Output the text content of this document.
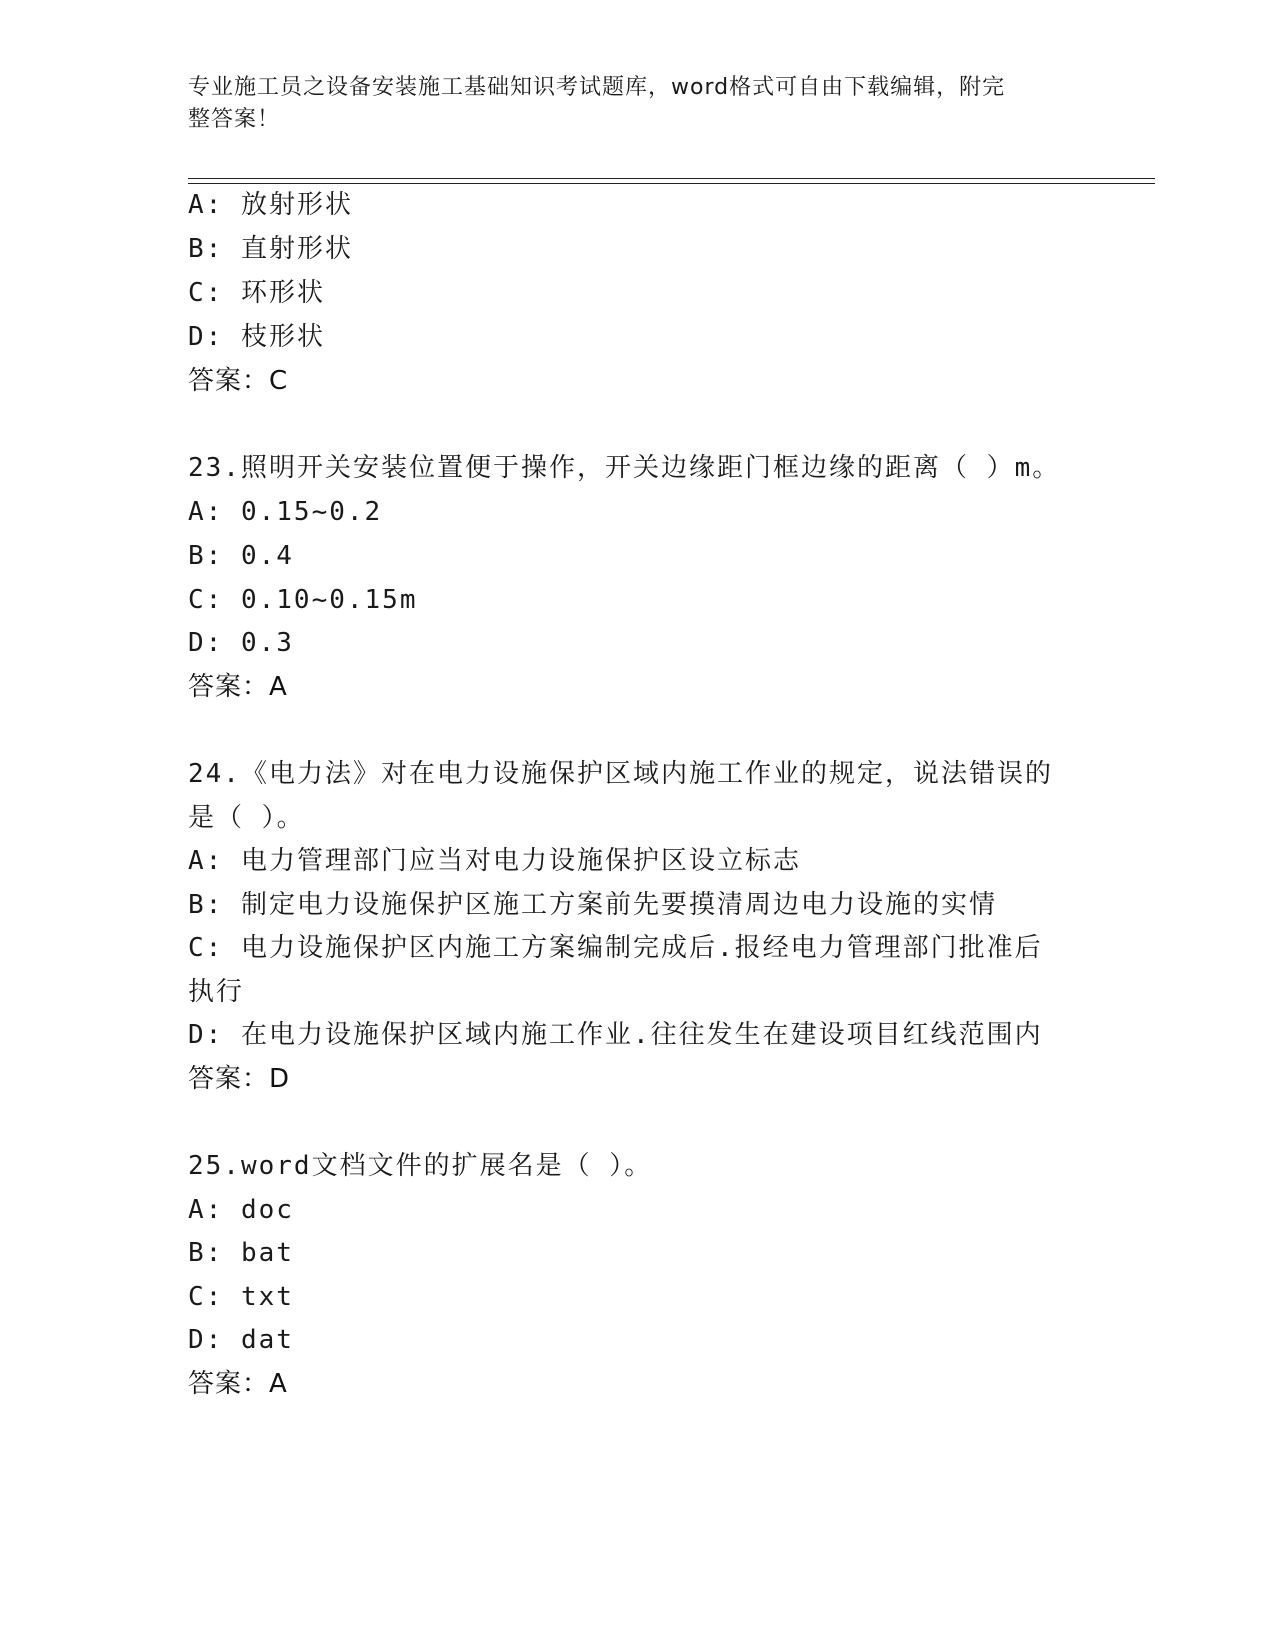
专业施工员之设备安装施工基础知识考试题库，word格式可自由下载编辑，附完
整答案！
A: 放射形状
B: 直射形状
C: 环形状
D: 枝形状
答案：C
23.照明开关安装位置便于操作，开关边缘距门框边缘的距离（ ）m。
A: 0.15~0.2
B: 0.4
C: 0.10~0.15m
D: 0.3
答案：A
24.《电力法》对在电力设施保护区域内施工作业的规定，说法错误的
是（ ）。
A: 电力管理部门应当对电力设施保护区设立标志
B: 制定电力设施保护区施工方案前先要摸清周边电力设施的实情
C: 电力设施保护区内施工方案编制完成后.报经电力管理部门批准后
执行
D: 在电力设施保护区域内施工作业.往往发生在建设项目红线范围内
答案：D
25.word文档文件的扩展名是（ ）。
A: doc
B: bat
C: txt
D: dat
答案：A
